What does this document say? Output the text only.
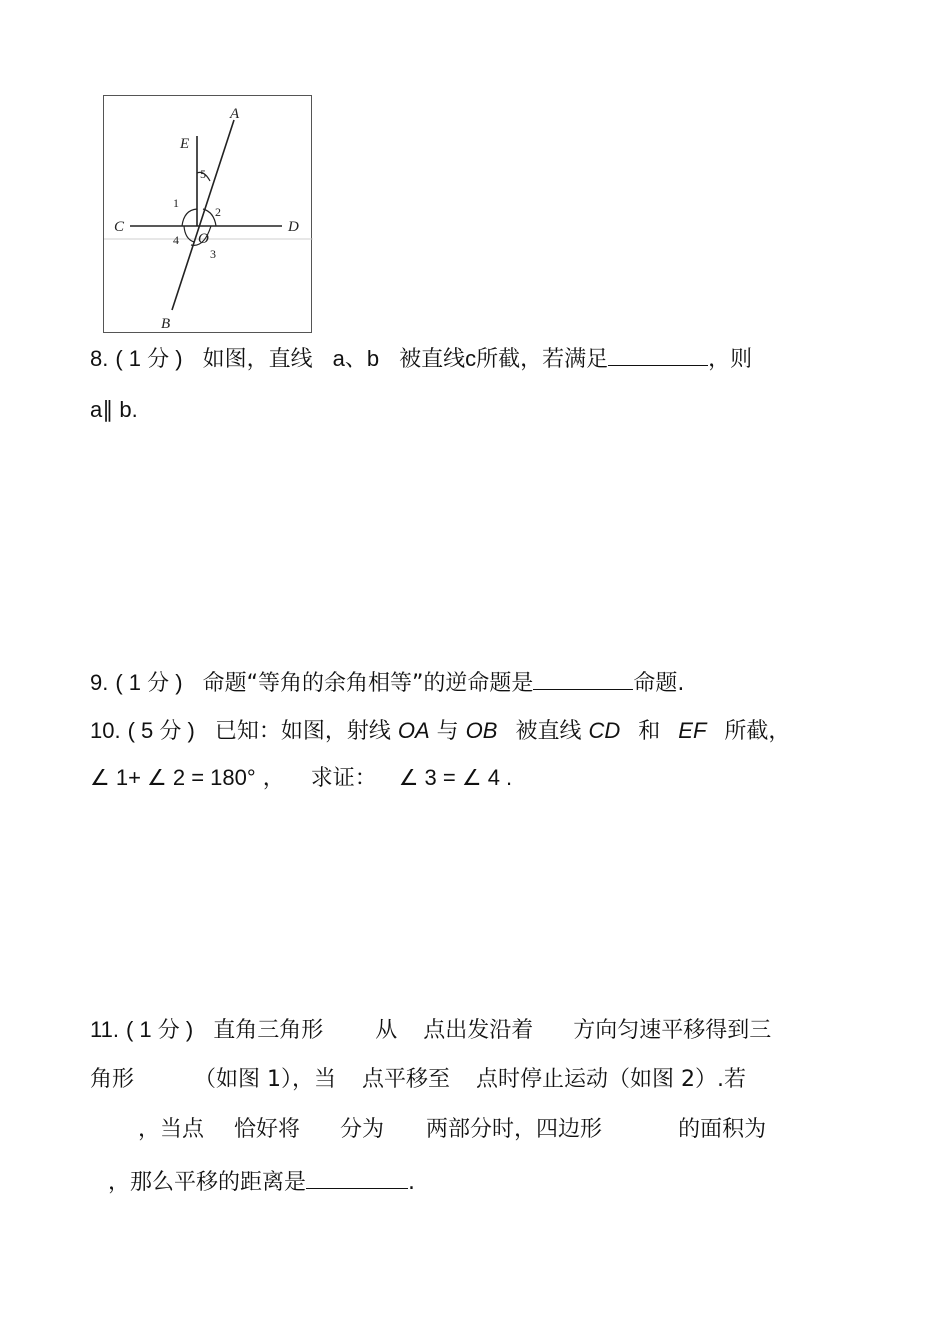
A
E
C	D
O
B
5
1
2
4
3
8. ( 1 分 ) 如图，直线 a、b 被直线c所截，若满足	，则
a∥ b.
9. ( 1 分 ) 命题“等角的余角相等”的逆命题是	命题.
10. ( 5 分 ) 已知：如图，射线 OA 与 OB 被直线 CD 和 EF 所截，
∠ 1+ ∠ 2 = 180° ， 求证： ∠ 3 = ∠ 4 .
11. ( 1 分 ) 直角三角形 从 点出发沿着 方向匀速平移得到三
角形	（如图 1），当 点平移至 点时停止运动（如图 2）.若
，当点 恰好将 分为 两部分时，四边形	的面积为
，那么平移的距离是	.
